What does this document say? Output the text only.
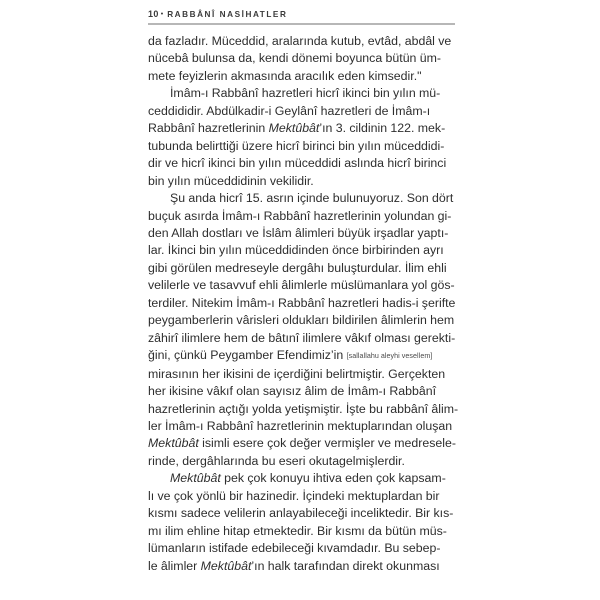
10 • RABBÂNÎ NASİHATLER

da fazladır. Müceddid, aralarında kutub, evtâd, abdâl ve
nücebâ bulunsa da, kendi dönemi boyunca bütün üm-
mete feyizlerin akmasında aracılık eden kimsedir."

İmâm-ı Rabbânî hazretleri hicrî ikinci bin yılın mü-
ceddididir. Abdülkadir-i Geylânî hazretleri de İmâm-ı
Rabbânî hazretlerinin Mektûbât’ın 3. cildinin 122. mek-
tubunda belirttiği üzere hicrî birinci bin yılın müceddidi-
dir ve hicrî ikinci bin yılın müceddidi aslında hicrî birinci
bin yılın müceddidinin vekilidir.

Şu anda hicrî 15. asrın içinde bulunuyoruz. Son dört
buçuk asırda İmâm-ı Rabbânî hazretlerinin yolundan gi-
den Allah dostları ve İslâm âlimleri büyük irşadlar yaptı-
lar. İkinci bin yılın müceddidinden önce birbirinden ayrı
gibi görülen medreseyle dergâhı buluşturdular. İlim ehli
velilerle ve tasavvuf ehli âlimlerle müslümanlara yol gös-
terdiler. Nitekim İmâm-ı Rabbânî hazretleri hadis-i şerifte
peygamberlerin vârisleri oldukları bildirilen âlimlerin hem
zâhirî ilimlere hem de bâtınî ilimlere vâkıf olması gerekti-
ğini, çünkü Peygamber Efendimiz’in [sallallahu aleyhi vesellem]
mirasının her ikisini de içerdiğini belirtmiştir. Gerçekten
her ikisine vâkıf olan sayısız âlim de İmâm-ı Rabbânî
hazretlerinin açtığı yolda yetişmiştir. İşte bu rabbânî âlim-
ler İmâm-ı Rabbânî hazretlerinin mektuplarından oluşan
Mektûbât isimli esere çok değer vermişler ve medresele-
rinde, dergâhlarında bu eseri okutagelmişlerdir.

Mektûbât pek çok konuyu ihtiva eden çok kapsam-
lı ve çok yönlü bir hazinedir. İçindeki mektuplardan bir
kısmı sadece velilerin anlayabileceği inceliktedir. Bir kıs-
mı ilim ehline hitap etmektedir. Bir kısmı da bütün müs-
lümanların istifade edebileceği kıvamdadır. Bu sebep-
le âlimler Mektûbât’ın halk tarafından direkt okunması
